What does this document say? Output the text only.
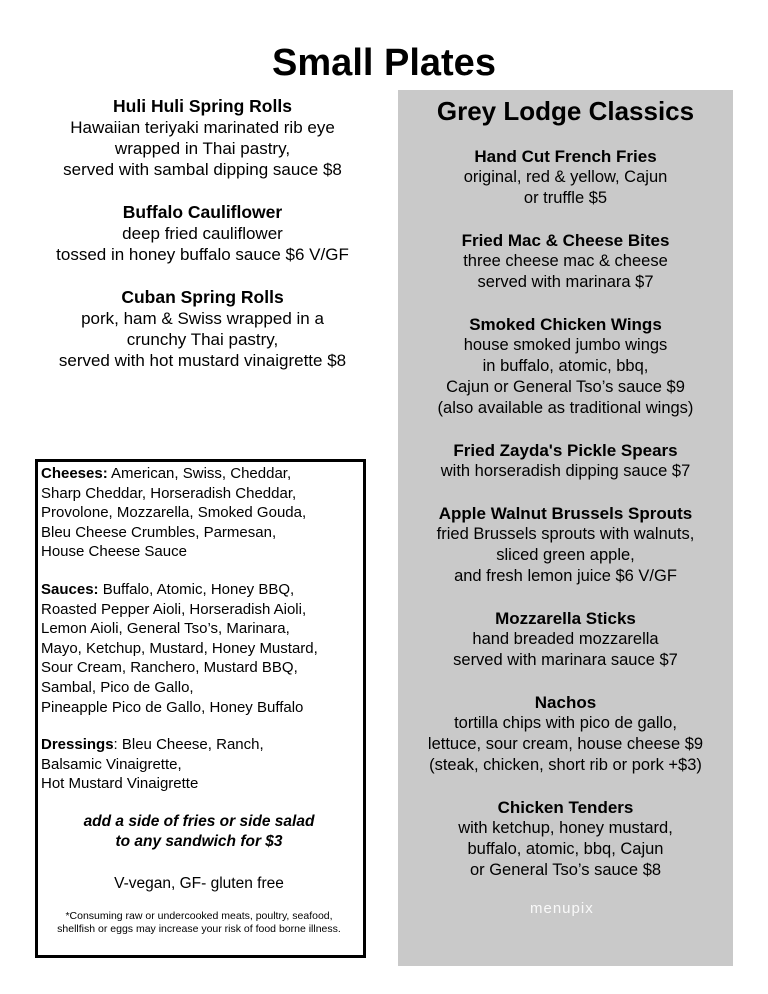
Small Plates
Huli Huli Spring Rolls
Hawaiian teriyaki marinated rib eye
wrapped in Thai pastry,
served with sambal dipping sauce $8
Buffalo Cauliflower
deep fried cauliflower
tossed in honey buffalo sauce $6 V/GF
Cuban Spring Rolls
pork, ham & Swiss wrapped in a
crunchy Thai pastry,
served with hot mustard vinaigrette $8
Cheeses: American, Swiss, Cheddar,
Sharp Cheddar, Horseradish Cheddar,
Provolone, Mozzarella, Smoked Gouda,
Bleu Cheese Crumbles, Parmesan,
House Cheese Sauce
Sauces: Buffalo, Atomic, Honey BBQ,
Roasted Pepper Aioli, Horseradish Aioli,
Lemon Aioli, General Tso’s, Marinara,
Mayo, Ketchup, Mustard, Honey Mustard,
Sour Cream, Ranchero, Mustard BBQ,
Sambal, Pico de Gallo,
Pineapple Pico de Gallo, Honey Buffalo
Dressings: Bleu Cheese, Ranch,
Balsamic Vinaigrette,
Hot Mustard Vinaigrette
add a side of fries or side salad
to any sandwich for $3
V-vegan, GF- gluten free
*Consuming raw or undercooked meats, poultry, seafood,
shellfish or eggs may increase your risk of food borne illness.
Grey Lodge Classics
Hand Cut French Fries
original, red & yellow, Cajun
or truffle $5
Fried Mac & Cheese Bites
three cheese mac & cheese
served with marinara $7
Smoked Chicken Wings
house smoked jumbo wings
in buffalo, atomic, bbq,
Cajun or General Tso’s sauce $9
(also available as traditional wings)
Fried Zayda's Pickle Spears
with horseradish dipping sauce $7
Apple Walnut Brussels Sprouts
fried Brussels sprouts with walnuts,
sliced green apple,
and fresh lemon juice $6 V/GF
Mozzarella Sticks
hand breaded mozzarella
served with marinara sauce $7
Nachos
tortilla chips with pico de gallo,
lettuce, sour cream, house cheese $9
(steak, chicken, short rib or pork +$3)
Chicken Tenders
with ketchup, honey mustard,
buffalo, atomic, bbq, Cajun
or General Tso’s sauce $8
menupix
